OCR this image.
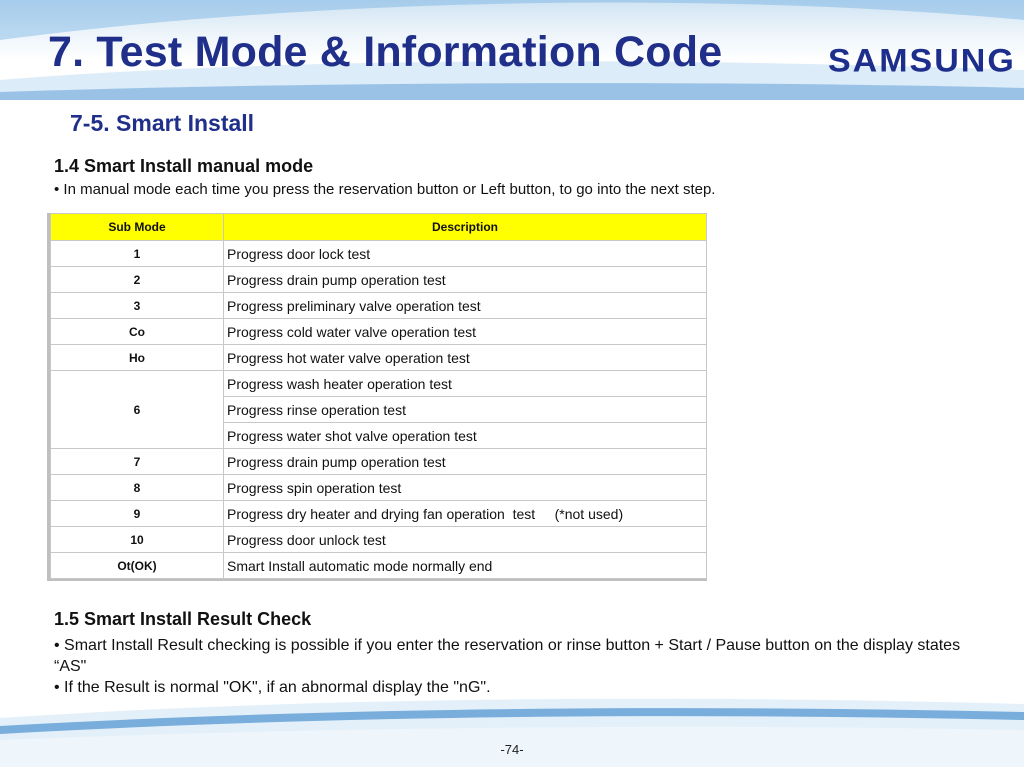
7. Test Mode & Information Code	SAMSUNG
7-5. Smart Install
1.4 Smart Install manual mode

• In manual mode each time you press the reservation button or Left button, to go into the next step.

Sub Mode	Description
1	Progress door lock test
2	Progress drain pump operation test
3	Progress preliminary valve operation test
Co	Progress cold water valve operation test
Ho	Progress hot water valve operation test
6	Progress wash heater operation test
	Progress rinse operation test
	Progress water shot valve operation test
7	Progress drain pump operation test
8	Progress spin operation test
9	Progress dry heater and drying fan operation  test     (*not used)
10	Progress door unlock test
Ot(OK)	Smart Install automatic mode normally end
1.5 Smart Install Result Check

• Smart Install Result checking is possible if you enter the reservation or rinse button + Start / Pause button on the display states “AS"

• If the Result is normal "OK", if an abnormal display the "nG".

-74-
